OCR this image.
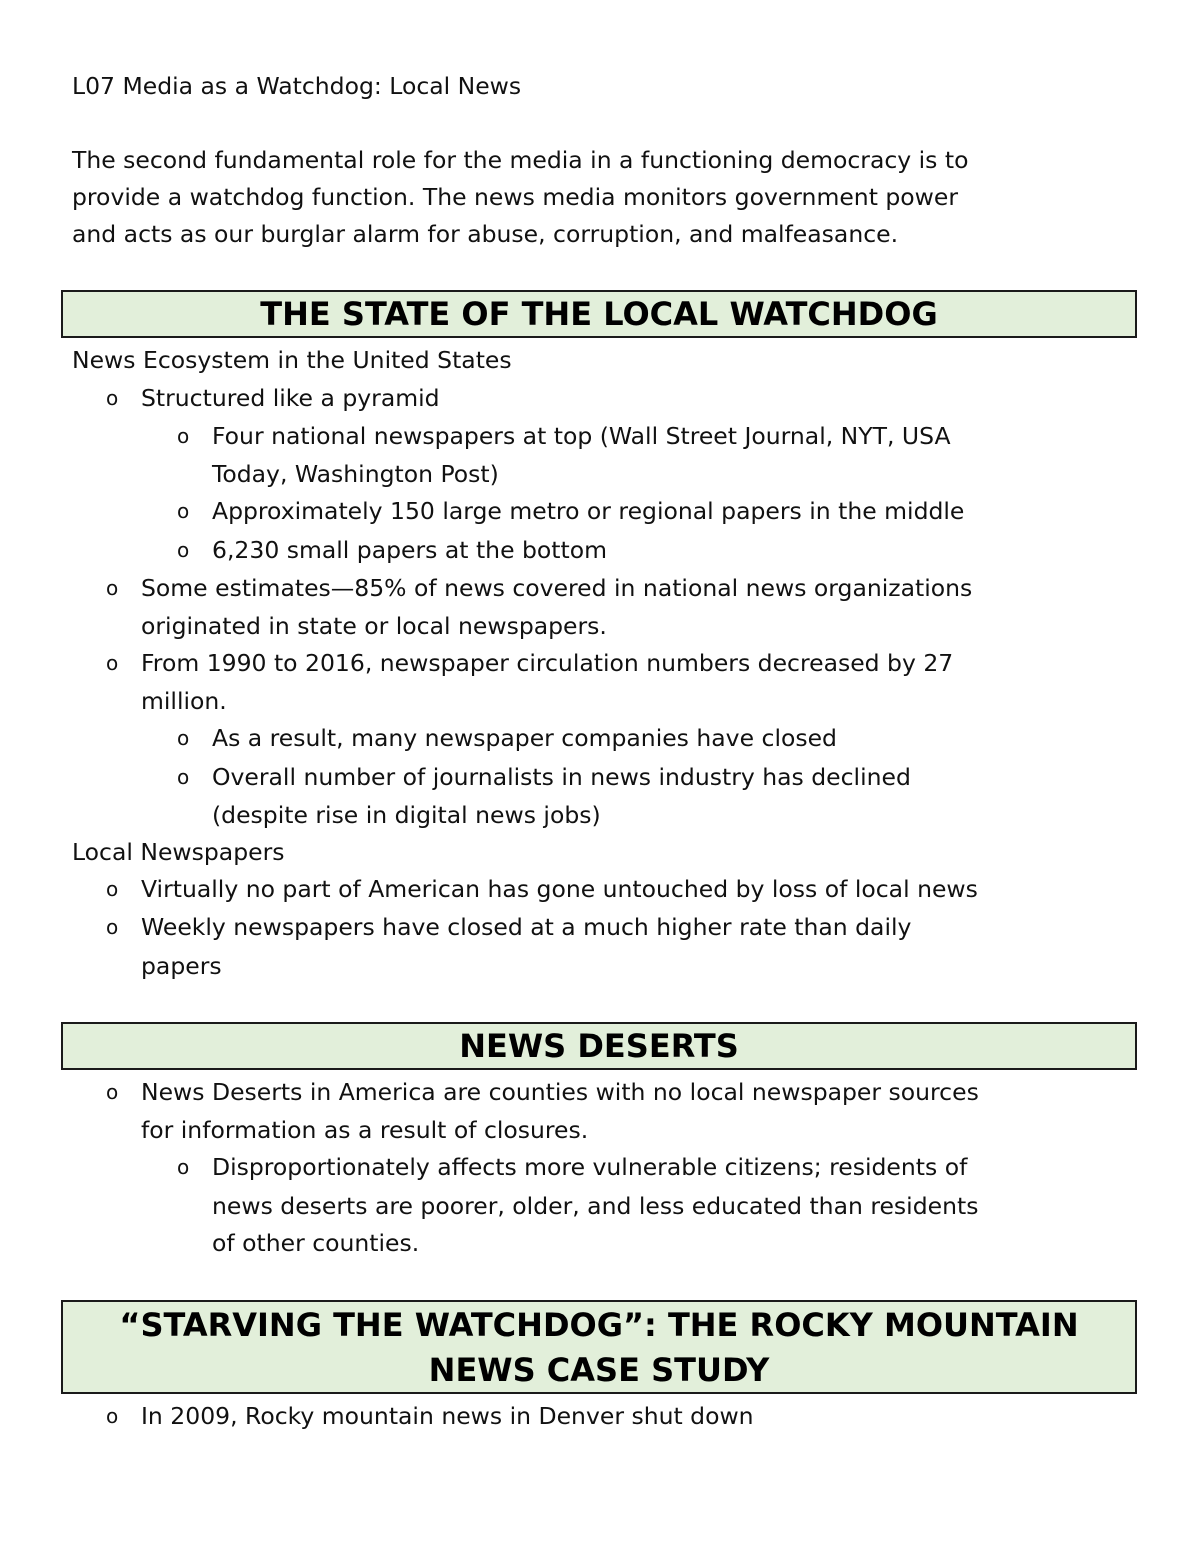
L07 Media as a Watchdog: Local News
The second fundamental role for the media in a functioning democracy is to
provide a watchdog function. The news media monitors government power
and acts as our burglar alarm for abuse, corruption, and malfeasance.
THE STATE OF THE LOCAL WATCHDOG
News Ecosystem in the United States
o Structured like a pyramid
o Four national newspapers at top (Wall Street Journal, NYT, USA
Today, Washington Post)
o Approximately 150 large metro or regional papers in the middle
o 6,230 small papers at the bottom
o Some estimates—85% of news covered in national news organizations
originated in state or local newspapers.
o From 1990 to 2016, newspaper circulation numbers decreased by 27
million.
o As a result, many newspaper companies have closed
o Overall number of journalists in news industry has declined
(despite rise in digital news jobs)
Local Newspapers
o Virtually no part of American has gone untouched by loss of local news
o Weekly newspapers have closed at a much higher rate than daily
papers
NEWS DESERTS
o News Deserts in America are counties with no local newspaper sources
for information as a result of closures.
o Disproportionately affects more vulnerable citizens; residents of
news deserts are poorer, older, and less educated than residents
of other counties.
“STARVING THE WATCHDOG”: THE ROCKY MOUNTAIN
NEWS CASE STUDY
o In 2009, Rocky mountain news in Denver shut down
